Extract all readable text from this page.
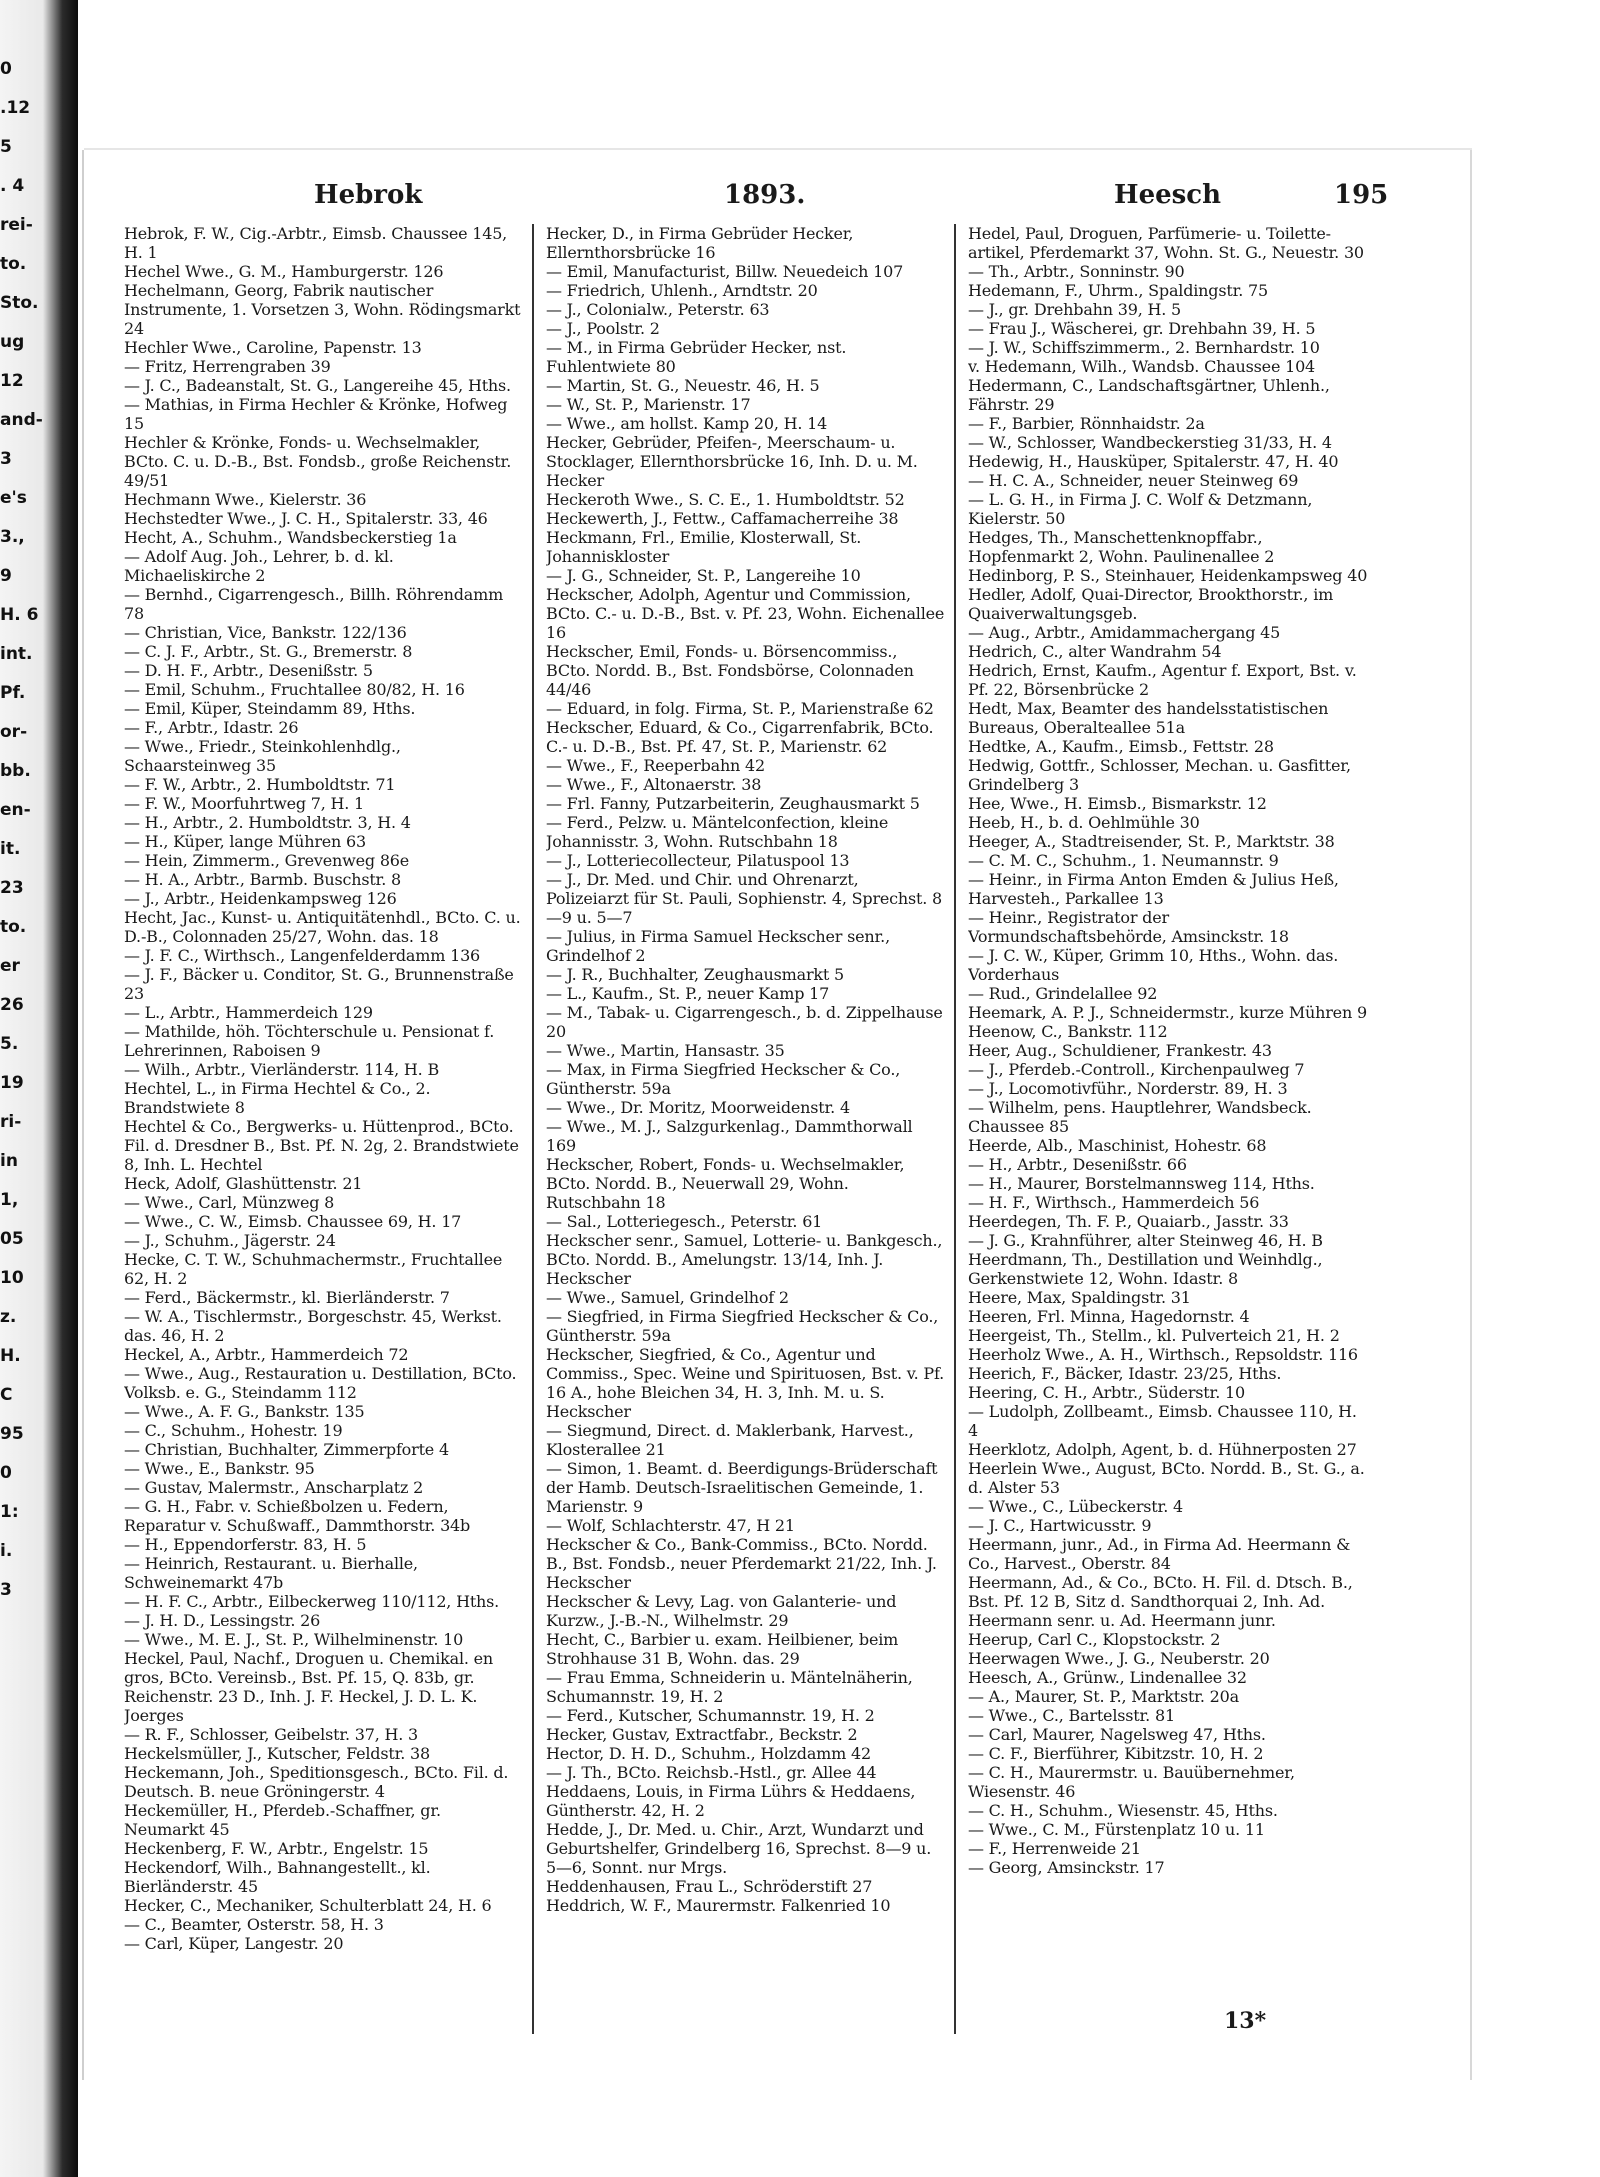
0
.12
5
. 4
rei-
to.
Sto.
ug
12
and-
3
e's
3.,
9
H. 6
int.
Pf.
or-
bb.
en-
it.
23
to.
er
26
5.
19
ri-
in
1,
05
10
z.
H.
C
95
0
1:
i.
3
Hebrok	1893.	Heesch	195
Hebrok, F. W., Cig.-Arbtr., Eimsb. Chaussee 145, H. 1
Hechel Wwe., G. M., Hamburgerstr. 126
Hechelmann, Georg, Fabrik nautischer Instrumente, 1. Vorsetzen 3, Wohn. Rödingsmarkt 24
Hechler Wwe., Caroline, Papenstr. 13
— Fritz, Herrengraben 39
— J. C., Badeanstalt, St. G., Langereihe 45, Hths.
— Mathias, in Firma Hechler & Krönke, Hofweg 15
Hechler & Krönke, Fonds- u. Wechselmakler, BCto. C. u. D.-B., Bst. Fondsb., große Reichenstr. 49/51
Hechmann Wwe., Kielerstr. 36
Hechstedter Wwe., J. C. H., Spitalerstr. 33, 46
Hecht, A., Schuhm., Wandsbeckerstieg 1a
— Adolf Aug. Joh., Lehrer, b. d. kl. Michaeliskirche 2
— Bernhd., Cigarrengesch., Billh. Röhrendamm 78
— Christian, Vice, Bankstr. 122/136
— C. J. F., Arbtr., St. G., Bremerstr. 8
— D. H. F., Arbtr., Desenißstr. 5
— Emil, Schuhm., Fruchtallee 80/82, H. 16
— Emil, Küper, Steindamm 89, Hths.
— F., Arbtr., Idastr. 26
— Wwe., Friedr., Steinkohlenhdlg., Schaarsteinweg 35
— F. W., Arbtr., 2. Humboldtstr. 71
— F. W., Moorfuhrtweg 7, H. 1
— H., Arbtr., 2. Humboldtstr. 3, H. 4
— H., Küper, lange Mühren 63
— Hein, Zimmerm., Grevenweg 86e
— H. A., Arbtr., Barmb. Buschstr. 8
— J., Arbtr., Heidenkampsweg 126
Hecht, Jac., Kunst- u. Antiquitätenhdl., BCto. C. u. D.-B., Colonnaden 25/27, Wohn. das. 18
— J. F. C., Wirthsch., Langenfelderdamm 136
— J. F., Bäcker u. Conditor, St. G., Brunnenstraße 23
— L., Arbtr., Hammerdeich 129
— Mathilde, höh. Töchterschule u. Pensionat f. Lehrerinnen, Raboisen 9
— Wilh., Arbtr., Vierländerstr. 114, H. B
Hechtel, L., in Firma Hechtel & Co., 2. Brandstwiete 8
Hechtel & Co., Bergwerks- u. Hüttenprod., BCto. Fil. d. Dresdner B., Bst. Pf. N. 2g, 2. Brandstwiete 8, Inh. L. Hechtel
Heck, Adolf, Glashüttenstr. 21
— Wwe., Carl, Münzweg 8
— Wwe., C. W., Eimsb. Chaussee 69, H. 17
— J., Schuhm., Jägerstr. 24
Hecke, C. T. W., Schuhmachermstr., Fruchtallee 62, H. 2
— Ferd., Bäckermstr., kl. Bierländerstr. 7
— W. A., Tischlermstr., Borgeschstr. 45, Werkst. das. 46, H. 2
Heckel, A., Arbtr., Hammerdeich 72
— Wwe., Aug., Restauration u. Destillation, BCto. Volksb. e. G., Steindamm 112
— Wwe., A. F. G., Bankstr. 135
— C., Schuhm., Hohestr. 19
— Christian, Buchhalter, Zimmerpforte 4
— Wwe., E., Bankstr. 95
— Gustav, Malermstr., Anscharplatz 2
— G. H., Fabr. v. Schießbolzen u. Federn, Reparatur v. Schußwaff., Dammthorstr. 34b
— H., Eppendorferstr. 83, H. 5
— Heinrich, Restaurant. u. Bierhalle, Schweinemarkt 47b
— H. F. C., Arbtr., Eilbeckerweg 110/112, Hths.
— J. H. D., Lessingstr. 26
— Wwe., M. E. J., St. P., Wilhelminenstr. 10
Heckel, Paul, Nachf., Droguen u. Chemikal. en gros, BCto. Vereinsb., Bst. Pf. 15, Q. 83b, gr. Reichenstr. 23 D., Inh. J. F. Heckel, J. D. L. K. Joerges
— R. F., Schlosser, Geibelstr. 37, H. 3
Heckelsmüller, J., Kutscher, Feldstr. 38
Heckemann, Joh., Speditionsgesch., BCto. Fil. d. Deutsch. B. neue Gröningerstr. 4
Heckemüller, H., Pferdeb.-Schaffner, gr. Neumarkt 45
Heckenberg, F. W., Arbtr., Engelstr. 15
Heckendorf, Wilh., Bahnangestellt., kl. Bierländerstr. 45
Hecker, C., Mechaniker, Schulterblatt 24, H. 6
— C., Beamter, Osterstr. 58, H. 3
— Carl, Küper, Langestr. 20
Hecker, D., in Firma Gebrüder Hecker, Ellernthorsbrücke 16
— Emil, Manufacturist, Billw. Neuedeich 107
— Friedrich, Uhlenh., Arndtstr. 20
— J., Colonialw., Peterstr. 63
— J., Poolstr. 2
— M., in Firma Gebrüder Hecker, nst. Fuhlentwiete 80
— Martin, St. G., Neuestr. 46, H. 5
— W., St. P., Marienstr. 17
— Wwe., am hollst. Kamp 20, H. 14
Hecker, Gebrüder, Pfeifen-, Meerschaum- u. Stocklager, Ellernthorsbrücke 16, Inh. D. u. M. Hecker
Heckeroth Wwe., S. C. E., 1. Humboldtstr. 52
Heckewerth, J., Fettw., Caffamacherreihe 38
Heckmann, Frl., Emilie, Klosterwall, St. Johanniskloster
— J. G., Schneider, St. P., Langereihe 10
Heckscher, Adolph, Agentur und Commission, BCto. C.- u. D.-B., Bst. v. Pf. 23, Wohn. Eichenallee 16
Heckscher, Emil, Fonds- u. Börsencommiss., BCto. Nordd. B., Bst. Fondsbörse, Colonnaden 44/46
— Eduard, in folg. Firma, St. P., Marienstraße 62
Heckscher, Eduard, & Co., Cigarrenfabrik, BCto. C.- u. D.-B., Bst. Pf. 47, St. P., Marienstr. 62
— Wwe., F., Reeperbahn 42
— Wwe., F., Altonaerstr. 38
— Frl. Fanny, Putzarbeiterin, Zeughausmarkt 5
— Ferd., Pelzw. u. Mäntelconfection, kleine Johannisstr. 3, Wohn. Rutschbahn 18
— J., Lotteriecollecteur, Pilatuspool 13
— J., Dr. Med. und Chir. und Ohrenarzt, Polizeiarzt für St. Pauli, Sophienstr. 4, Sprechst. 8—9 u. 5—7
— Julius, in Firma Samuel Heckscher senr., Grindelhof 2
— J. R., Buchhalter, Zeughausmarkt 5
— L., Kaufm., St. P., neuer Kamp 17
— M., Tabak- u. Cigarrengesch., b. d. Zippelhause 20
— Wwe., Martin, Hansastr. 35
— Max, in Firma Siegfried Heckscher & Co., Güntherstr. 59a
— Wwe., Dr. Moritz, Moorweidenstr. 4
— Wwe., M. J., Salzgurkenlag., Dammthorwall 169
Heckscher, Robert, Fonds- u. Wechselmakler, BCto. Nordd. B., Neuerwall 29, Wohn. Rutschbahn 18
— Sal., Lotteriegesch., Peterstr. 61
Heckscher senr., Samuel, Lotterie- u. Bankgesch., BCto. Nordd. B., Amelungstr. 13/14, Inh. J. Heckscher
— Wwe., Samuel, Grindelhof 2
— Siegfried, in Firma Siegfried Heckscher & Co., Güntherstr. 59a
Heckscher, Siegfried, & Co., Agentur und Commiss., Spec. Weine und Spirituosen, Bst. v. Pf. 16 A., hohe Bleichen 34, H. 3, Inh. M. u. S. Heckscher
— Siegmund, Direct. d. Maklerbank, Harvest., Klosterallee 21
— Simon, 1. Beamt. d. Beerdigungs-Brüderschaft der Hamb. Deutsch-Israelitischen Gemeinde, 1. Marienstr. 9
— Wolf, Schlachterstr. 47, H 21
Heckscher & Co., Bank-Commiss., BCto. Nordd. B., Bst. Fondsb., neuer Pferdemarkt 21/22, Inh. J. Heckscher
Heckscher & Levy, Lag. von Galanterie- und Kurzw., J.-B.-N., Wilhelmstr. 29
Hecht, C., Barbier u. exam. Heilbiener, beim Strohhause 31 B, Wohn. das. 29
— Frau Emma, Schneiderin u. Mäntelnäherin, Schumannstr. 19, H. 2
— Ferd., Kutscher, Schumannstr. 19, H. 2
Hecker, Gustav, Extractfabr., Beckstr. 2
Hector, D. H. D., Schuhm., Holzdamm 42
— J. Th., BCto. Reichsb.-Hstl., gr. Allee 44
Heddaens, Louis, in Firma Lührs & Heddaens, Güntherstr. 42, H. 2
Hedde, J., Dr. Med. u. Chir., Arzt, Wundarzt und Geburtshelfer, Grindelberg 16, Sprechst. 8—9 u. 5—6, Sonnt. nur Mrgs.
Heddenhausen, Frau L., Schröderstift 27
Heddrich, W. F., Maurermstr. Falkenried 10
Hedel, Paul, Droguen, Parfümerie- u. Toilette-artikel, Pferdemarkt 37, Wohn. St. G., Neuestr. 30
— Th., Arbtr., Sonninstr. 90
Hedemann, F., Uhrm., Spaldingstr. 75
— J., gr. Drehbahn 39, H. 5
— Frau J., Wäscherei, gr. Drehbahn 39, H. 5
— J. W., Schiffszimmerm., 2. Bernhardstr. 10
v. Hedemann, Wilh., Wandsb. Chaussee 104
Hedermann, C., Landschaftsgärtner, Uhlenh., Fährstr. 29
— F., Barbier, Rönnhaidstr. 2a
— W., Schlosser, Wandbeckerstieg 31/33, H. 4
Hedewig, H., Hausküper, Spitalerstr. 47, H. 40
— H. C. A., Schneider, neuer Steinweg 69
— L. G. H., in Firma J. C. Wolf & Detzmann, Kielerstr. 50
Hedges, Th., Manschettenknopffabr., Hopfenmarkt 2, Wohn. Paulinenallee 2
Hedinborg, P. S., Steinhauer, Heidenkampsweg 40
Hedler, Adolf, Quai-Director, Brookthorstr., im Quaiverwaltungsgeb.
— Aug., Arbtr., Amidammachergang 45
Hedrich, C., alter Wandrahm 54
Hedrich, Ernst, Kaufm., Agentur f. Export, Bst. v. Pf. 22, Börsenbrücke 2
Hedt, Max, Beamter des handelsstatistischen Bureaus, Oberalteallee 51a
Hedtke, A., Kaufm., Eimsb., Fettstr. 28
Hedwig, Gottfr., Schlosser, Mechan. u. Gasfitter, Grindelberg 3
Hee, Wwe., H. Eimsb., Bismarkstr. 12
Heeb, H., b. d. Oehlmühle 30
Heeger, A., Stadtreisender, St. P., Marktstr. 38
— C. M. C., Schuhm., 1. Neumannstr. 9
— Heinr., in Firma Anton Emden & Julius Heß, Harvesteh., Parkallee 13
— Heinr., Registrator der Vormundschaftsbehörde, Amsinckstr. 18
— J. C. W., Küper, Grimm 10, Hths., Wohn. das. Vorderhaus
— Rud., Grindelallee 92
Heemark, A. P. J., Schneidermstr., kurze Mühren 9
Heenow, C., Bankstr. 112
Heer, Aug., Schuldiener, Frankestr. 43
— J., Pferdeb.-Controll., Kirchenpaulweg 7
— J., Locomotivführ., Norderstr. 89, H. 3
— Wilhelm, pens. Hauptlehrer, Wandsbeck. Chaussee 85
Heerde, Alb., Maschinist, Hohestr. 68
— H., Arbtr., Desenißstr. 66
— H., Maurer, Borstelmannsweg 114, Hths.
— H. F., Wirthsch., Hammerdeich 56
Heerdegen, Th. F. P., Quaiarb., Jasstr. 33
— J. G., Krahnführer, alter Steinweg 46, H. B
Heerdmann, Th., Destillation und Weinhdlg., Gerkenstwiete 12, Wohn. Idastr. 8
Heere, Max, Spaldingstr. 31
Heeren, Frl. Minna, Hagedornstr. 4
Heergeist, Th., Stellm., kl. Pulverteich 21, H. 2
Heerholz Wwe., A. H., Wirthsch., Repsoldstr. 116
Heerich, F., Bäcker, Idastr. 23/25, Hths.
Heering, C. H., Arbtr., Süderstr. 10
— Ludolph, Zollbeamt., Eimsb. Chaussee 110, H. 4
Heerklotz, Adolph, Agent, b. d. Hühnerposten 27
Heerlein Wwe., August, BCto. Nordd. B., St. G., a. d. Alster 53
— Wwe., C., Lübeckerstr. 4
— J. C., Hartwicusstr. 9
Heermann, junr., Ad., in Firma Ad. Heermann & Co., Harvest., Oberstr. 84
Heermann, Ad., & Co., BCto. H. Fil. d. Dtsch. B., Bst. Pf. 12 B, Sitz d. Sandthorquai 2, Inh. Ad. Heermann senr. u. Ad. Heermann junr.
Heerup, Carl C., Klopstockstr. 2
Heerwagen Wwe., J. G., Neuberstr. 20
Heesch, A., Grünw., Lindenallee 32
— A., Maurer, St. P., Marktstr. 20a
— Wwe., C., Bartelsstr. 81
— Carl, Maurer, Nagelsweg 47, Hths.
— C. F., Bierführer, Kibitzstr. 10, H. 2
— C. H., Maurermstr. u. Bauübernehmer, Wiesenstr. 46
— C. H., Schuhm., Wiesenstr. 45, Hths.
— Wwe., C. M., Fürstenplatz 10 u. 11
— F., Herrenweide 21
— Georg, Amsinckstr. 17
13*
